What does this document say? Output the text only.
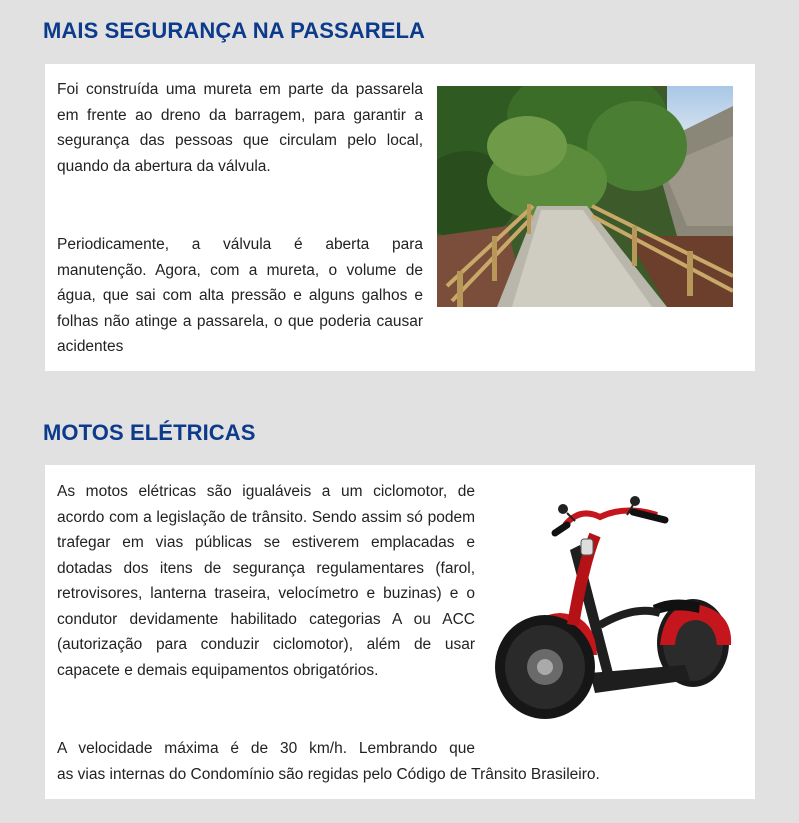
MAIS SEGURANÇA NA PASSARELA

Foi construída uma mureta em parte da passarela em frente ao dreno da barragem, para garantir a segurança das pessoas que circulam pelo local, quando da abertura da válvula.

Periodicamente, a válvula é aberta para manutenção. Agora, com a mureta, o volume de água, que sai com alta pressão e alguns galhos e folhas não atinge a passarela, o que poderia causar acidentes

MOTOS ELÉTRICAS

As motos elétricas são igualáveis a um ciclomotor, de acordo com a legislação de trânsito. Sendo assim só podem trafegar em vias públicas se estiverem emplacadas e dotadas dos itens de segurança regulamentares (farol, retrovisores, lanterna traseira, velocímetro e buzinas) e o condutor devidamente habilitado categorias A ou ACC (autorização para conduzir ciclomotor), além de usar capacete e demais equipamentos obrigatórios.

A velocidade máxima é de 30 km/h. Lembrando que
as vias internas do Condomínio são regidas pelo Código de Trânsito Brasileiro.
